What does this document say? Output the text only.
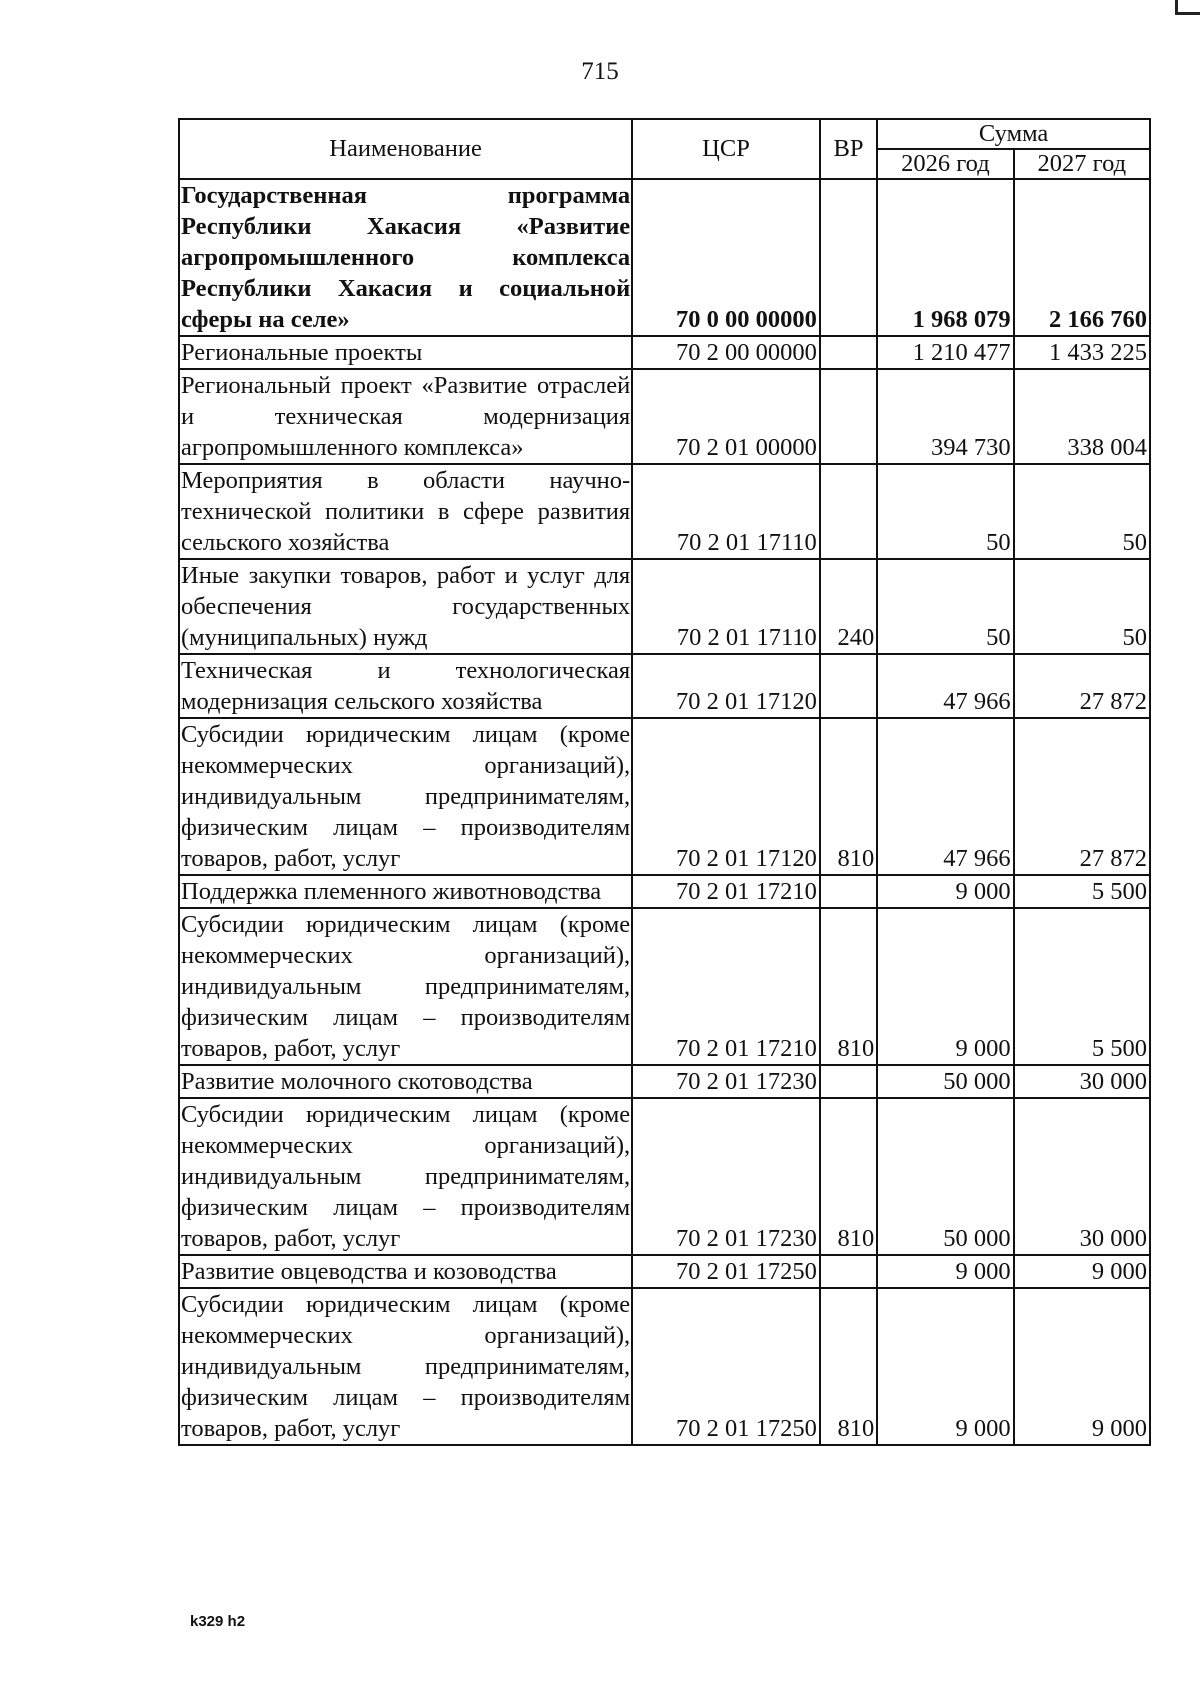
715
Наименование	ЦСР	ВР	Сумма	
			2026 год	2027 год
Государственная программа Республики Хакасия «Развитие агропромышленного комплекса Республики Хакасия и социальной сферы на селе»	70 0 00 00000		1 968 079	2 166 760
Региональные проекты	70 2 00 00000		1 210 477	1 433 225
Региональный проект «Развитие отраслей и техническая модернизация агропромышленного комплекса»	70 2 01 00000		394 730	338 004
Мероприятия в области научно-технической политики в сфере развития сельского хозяйства	70 2 01 17110		50	50
Иные закупки товаров, работ и услуг для обеспечения государственных (муниципальных) нужд	70 2 01 17110	240	50	50
Техническая и технологическая модернизация сельского хозяйства	70 2 01 17120		47 966	27 872
Субсидии юридическим лицам (кроме некоммерческих организаций), индивидуальным предпринимателям, физическим лицам – производителям товаров, работ, услуг	70 2 01 17120	810	47 966	27 872
Поддержка племенного животноводства	70 2 01 17210		9 000	5 500
Субсидии юридическим лицам (кроме некоммерческих организаций), индивидуальным предпринимателям, физическим лицам – производителям товаров, работ, услуг	70 2 01 17210	810	9 000	5 500
Развитие молочного скотоводства	70 2 01 17230		50 000	30 000
Субсидии юридическим лицам (кроме некоммерческих организаций), индивидуальным предпринимателям, физическим лицам – производителям товаров, работ, услуг	70 2 01 17230	810	50 000	30 000
Развитие овцеводства и козоводства	70 2 01 17250		9 000	9 000
Субсидии юридическим лицам (кроме некоммерческих организаций), индивидуальным предпринимателям, физическим лицам – производителям товаров, работ, услуг	70 2 01 17250	810	9 000	9 000
k329 h2
